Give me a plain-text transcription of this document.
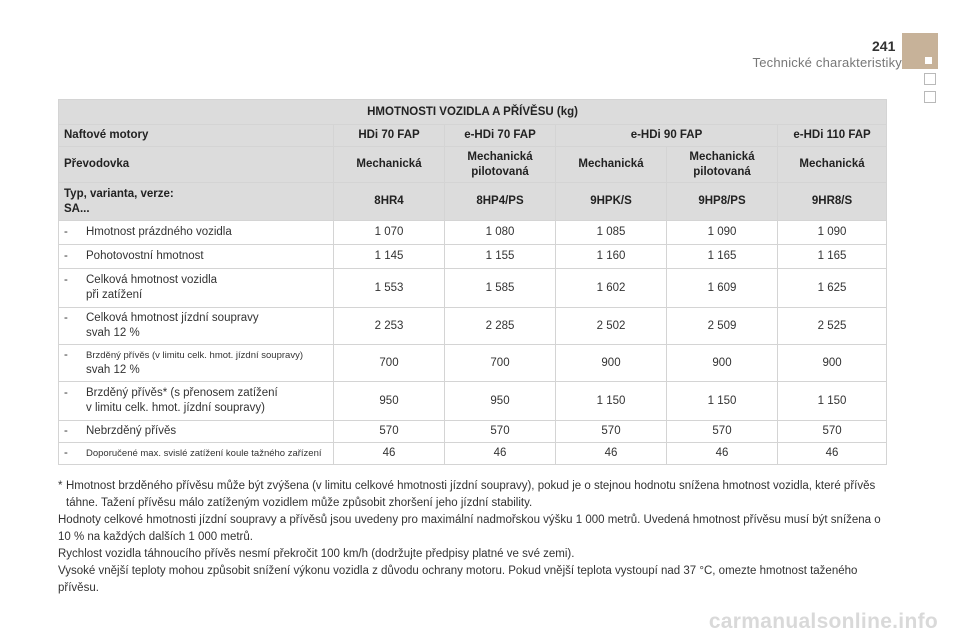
241
Technické charakteristiky
HMOTNOSTI VOZIDLA A PŘÍVĚSU (kg)					
Naftové motory	HDi 70 FAP	e-HDi 70 FAP	e-HDi 90 FAP		e-HDi 110 FAP
Převodovka	Mechanická	Mechanická pilotovaná	Mechanická	Mechanická pilotovaná	Mechanická

Typ, varianta, verze:
SA...	8HR4	8HP4/PS	9HPK/S	9HP8/PS	9HR8/S
- Hmotnost prázdného vozidla	1 070	1 080	1 085	1 090	1 090
- Pohotovostní hmotnost	1 145	1 155	1 160	1 165	1 165
- Celková hmotnost vozidla
při zatížení	1 553	1 585	1 602	1 609	1 625
- Celková hmotnost jízdní soupravy
svah 12 %	2 253	2 285	2 502	2 509	2 525
- Brzděný přívěs (v limitu celk. hmot. jízdní soupravy)
svah 12 %	700	700	900	900	900
- Brzděný přívěs* (s přenosem zatížení
v limitu celk. hmot. jízdní soupravy)	950	950	1 150	1 150	1 150
- Nebrzděný přívěs	570	570	570	570	570
- Doporučené max. svislé zatížení koule tažného zařízení	46	46	46	46	46
* Hmotnost brzděného přívěsu může být zvýšena (v limitu celkové hmotnosti jízdní soupravy), pokud je o stejnou hodnotu snížena hmotnost vozidla, které přívěs táhne. Tažení přívěsu málo zatíženým vozidlem může způsobit zhoršení jeho jízdní stability.

Hodnoty celkové hmotnosti jízdní soupravy a přívěsů jsou uvedeny pro maximální nadmořskou výšku 1 000 metrů. Uvedená hmotnost přívěsu musí být snížena o 10 % na každých dalších 1 000 metrů.

Rychlost vozidla táhnoucího přívěs nesmí překročit 100 km/h (dodržujte předpisy platné ve své zemi).

Vysoké vnější teploty mohou způsobit snížení výkonu vozidla z důvodu ochrany motoru. Pokud vnější teplota vystoupí nad 37 °C, omezte hmotnost taženého přívěsu.

carmanualsonline.info
